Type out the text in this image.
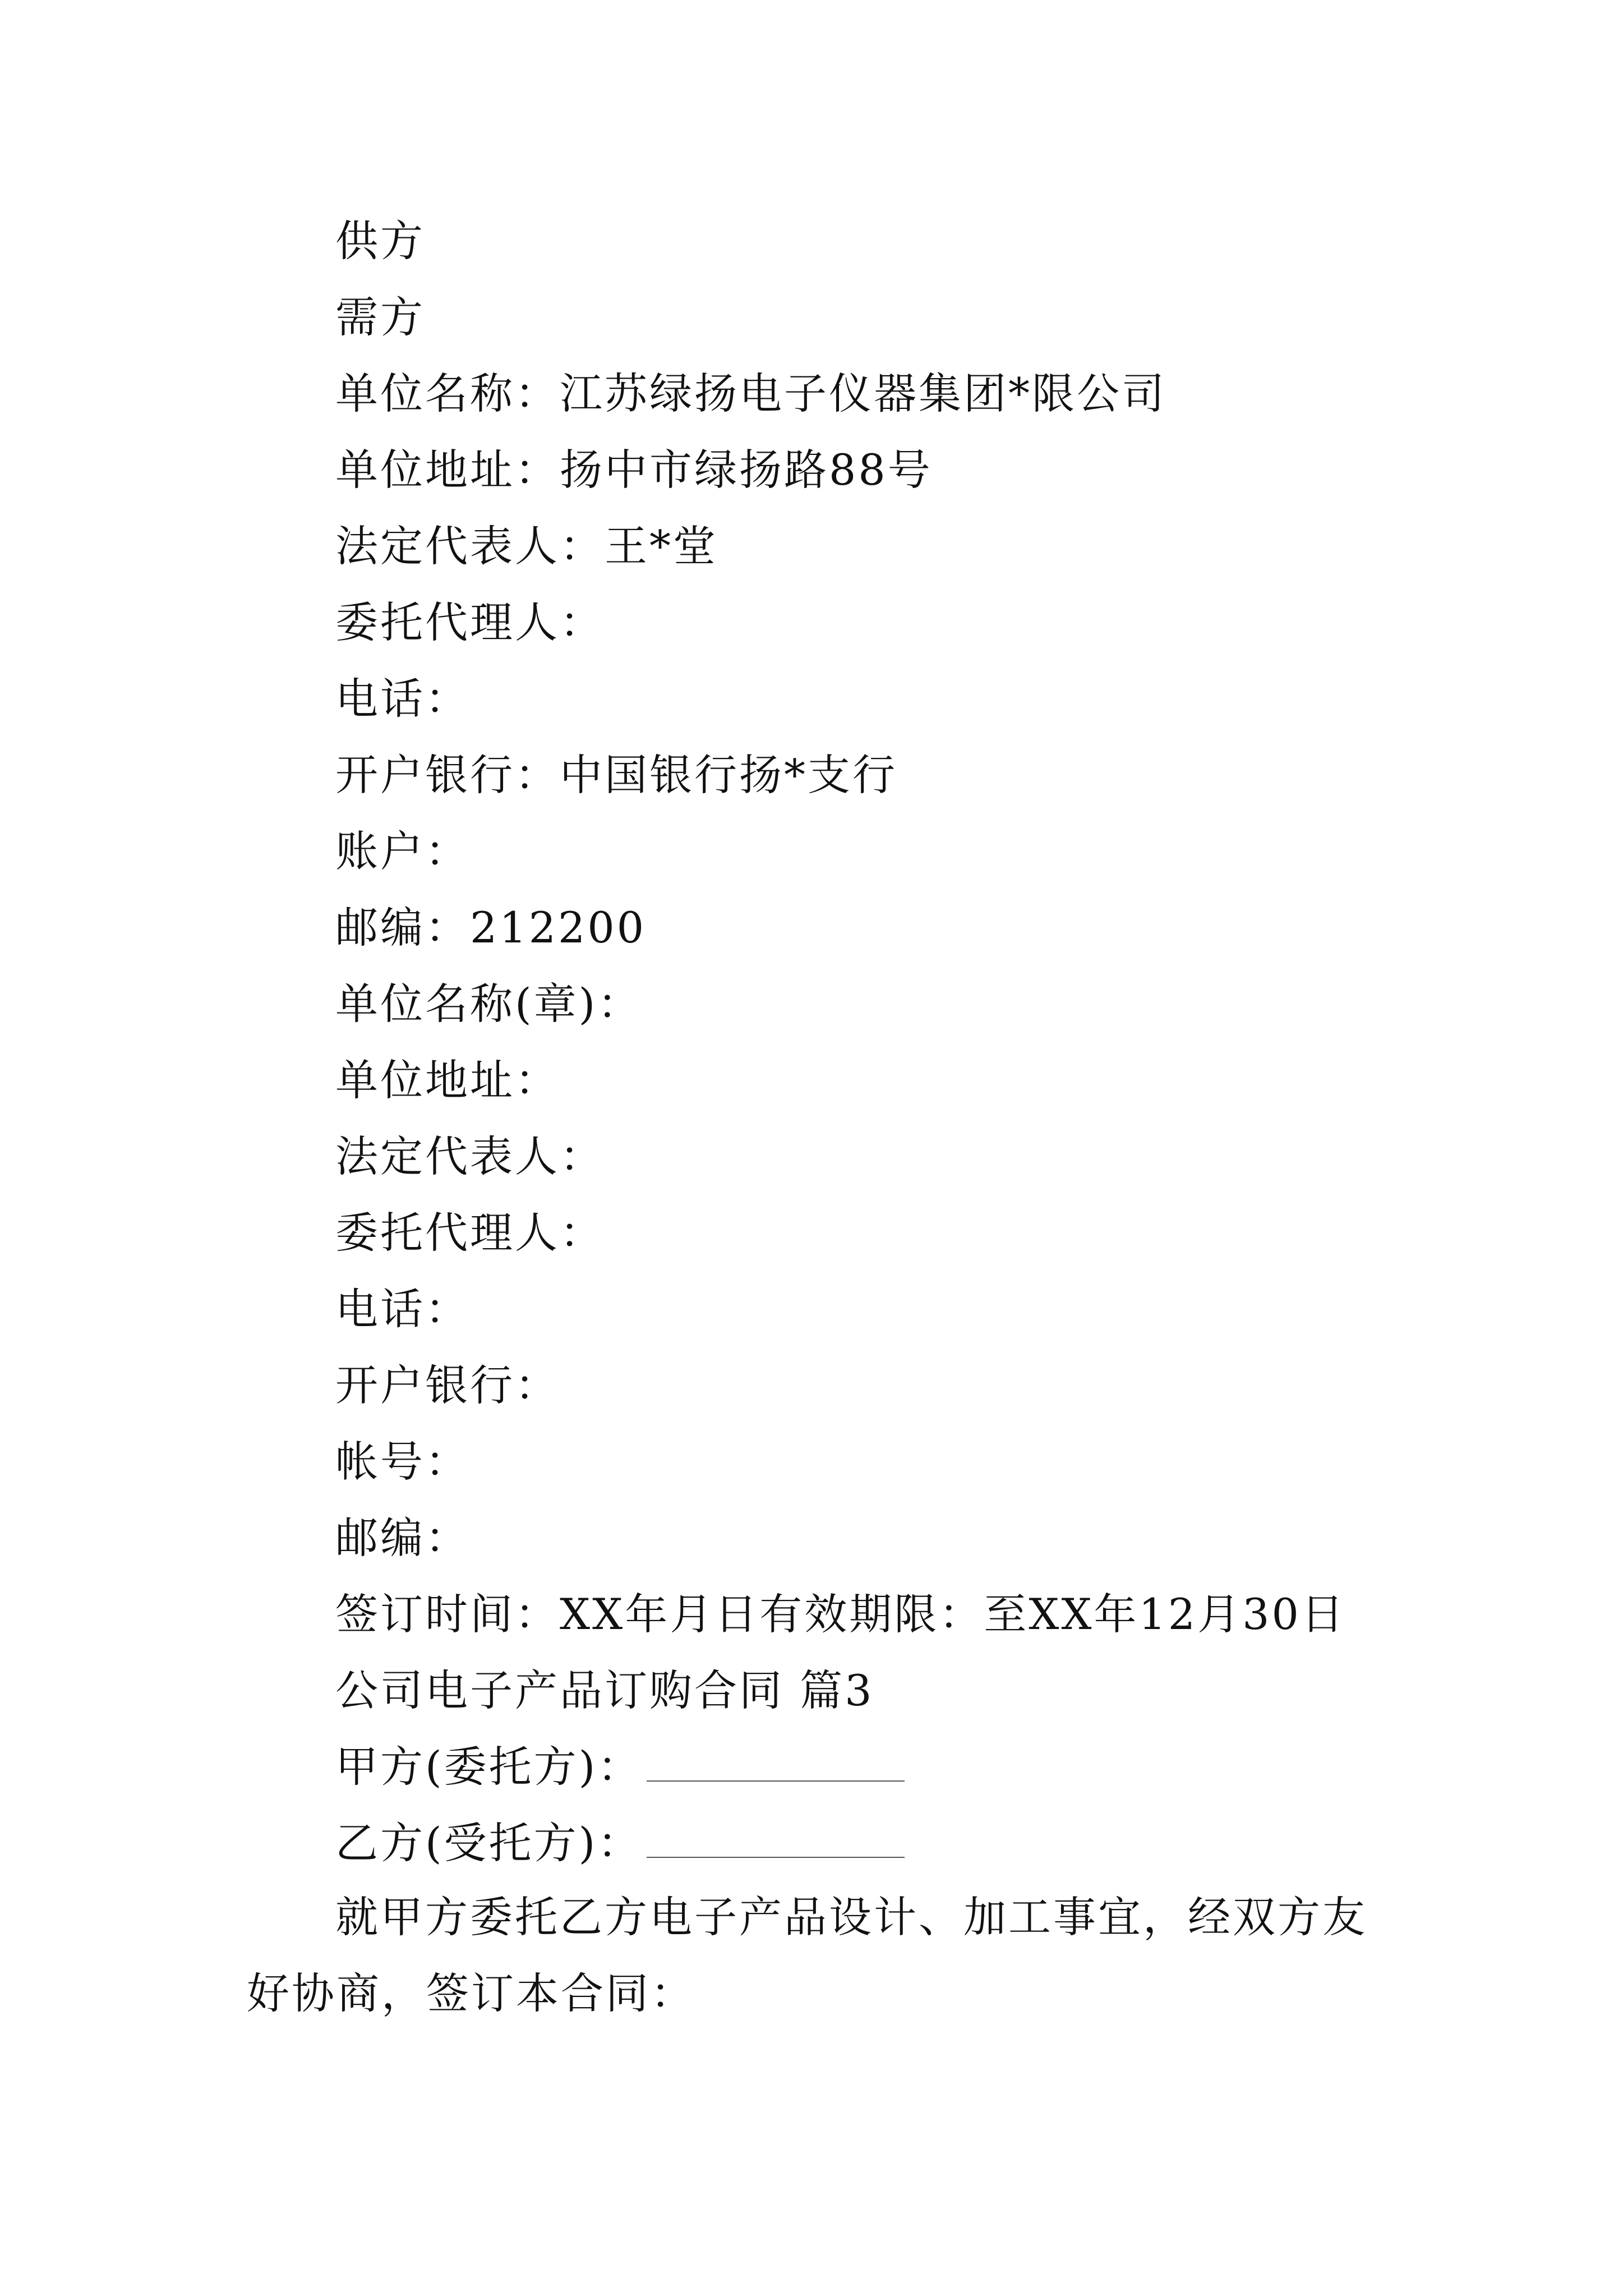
供方
需方
单位名称：江苏绿扬电子仪器集团*限公司
单位地址：扬中市绿扬路88号
法定代表人：王*堂
委托代理人：
电话：
开户银行：中国银行扬*支行
账户：
邮编：212200
单位名称(章)：
单位地址：
法定代表人：
委托代理人：
电话：
开户银行：
帐号：
邮编：
签订时间：XX年月日有效期限：至XX年12月30日
公司电子产品订购合同 篇3
甲方(委托方)：
乙方(受托方)：
就甲方委托乙方电子产品设计、加工事宜，经双方友好协商，签订本合同：
